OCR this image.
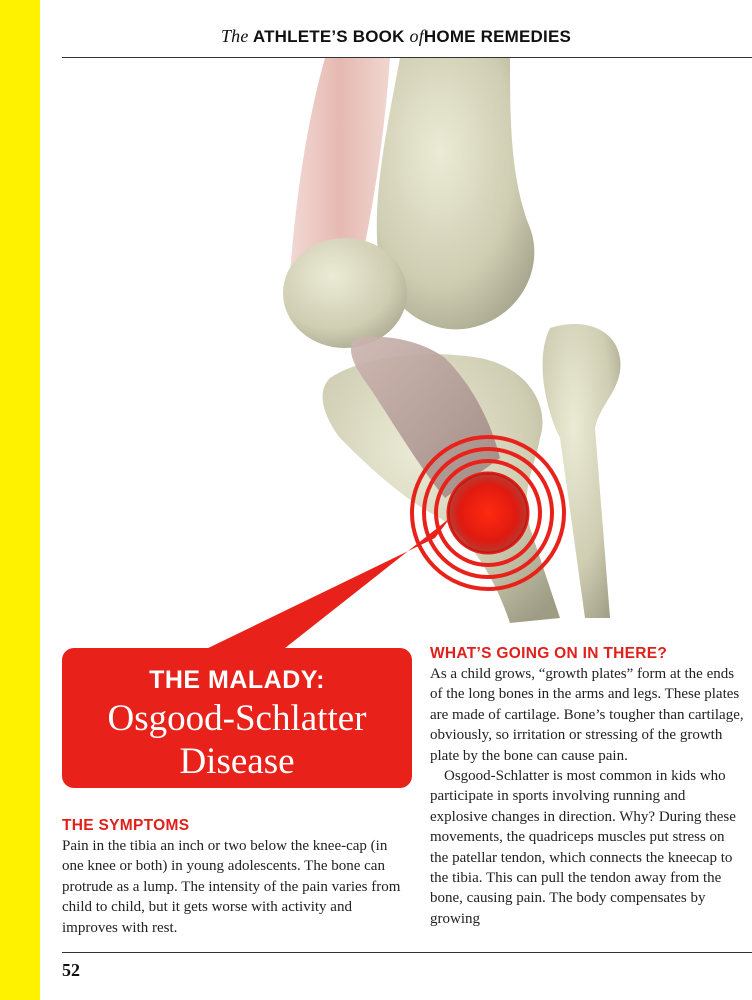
The ATHLETE’S BOOK ofHOME REMEDIES
THE MALADY:
Osgood-Schlatter
Disease
THE SYMPTOMS

Pain in the tibia an inch or two below the knee-cap (in one knee or both) in young adolescents. The bone can protrude as a lump. The intensity of the pain varies from child to child, but it gets worse with activity and improves with rest.

WHAT’S GOING ON IN THERE?

As a child grows, “growth plates” form at the ends of the long bones in the arms and legs. These plates are made of cartilage. Bone’s tougher than cartilage, obviously, so irritation or stressing of the growth plate by the bone can cause pain.

Osgood-Schlatter is most common in kids who participate in sports involving running and explosive changes in direction. Why? During these movements, the quadriceps muscles put stress on the patellar tendon, which connects the kneecap to the tibia. This can pull the tendon away from the bone, causing pain. The body compensates by growing

52
